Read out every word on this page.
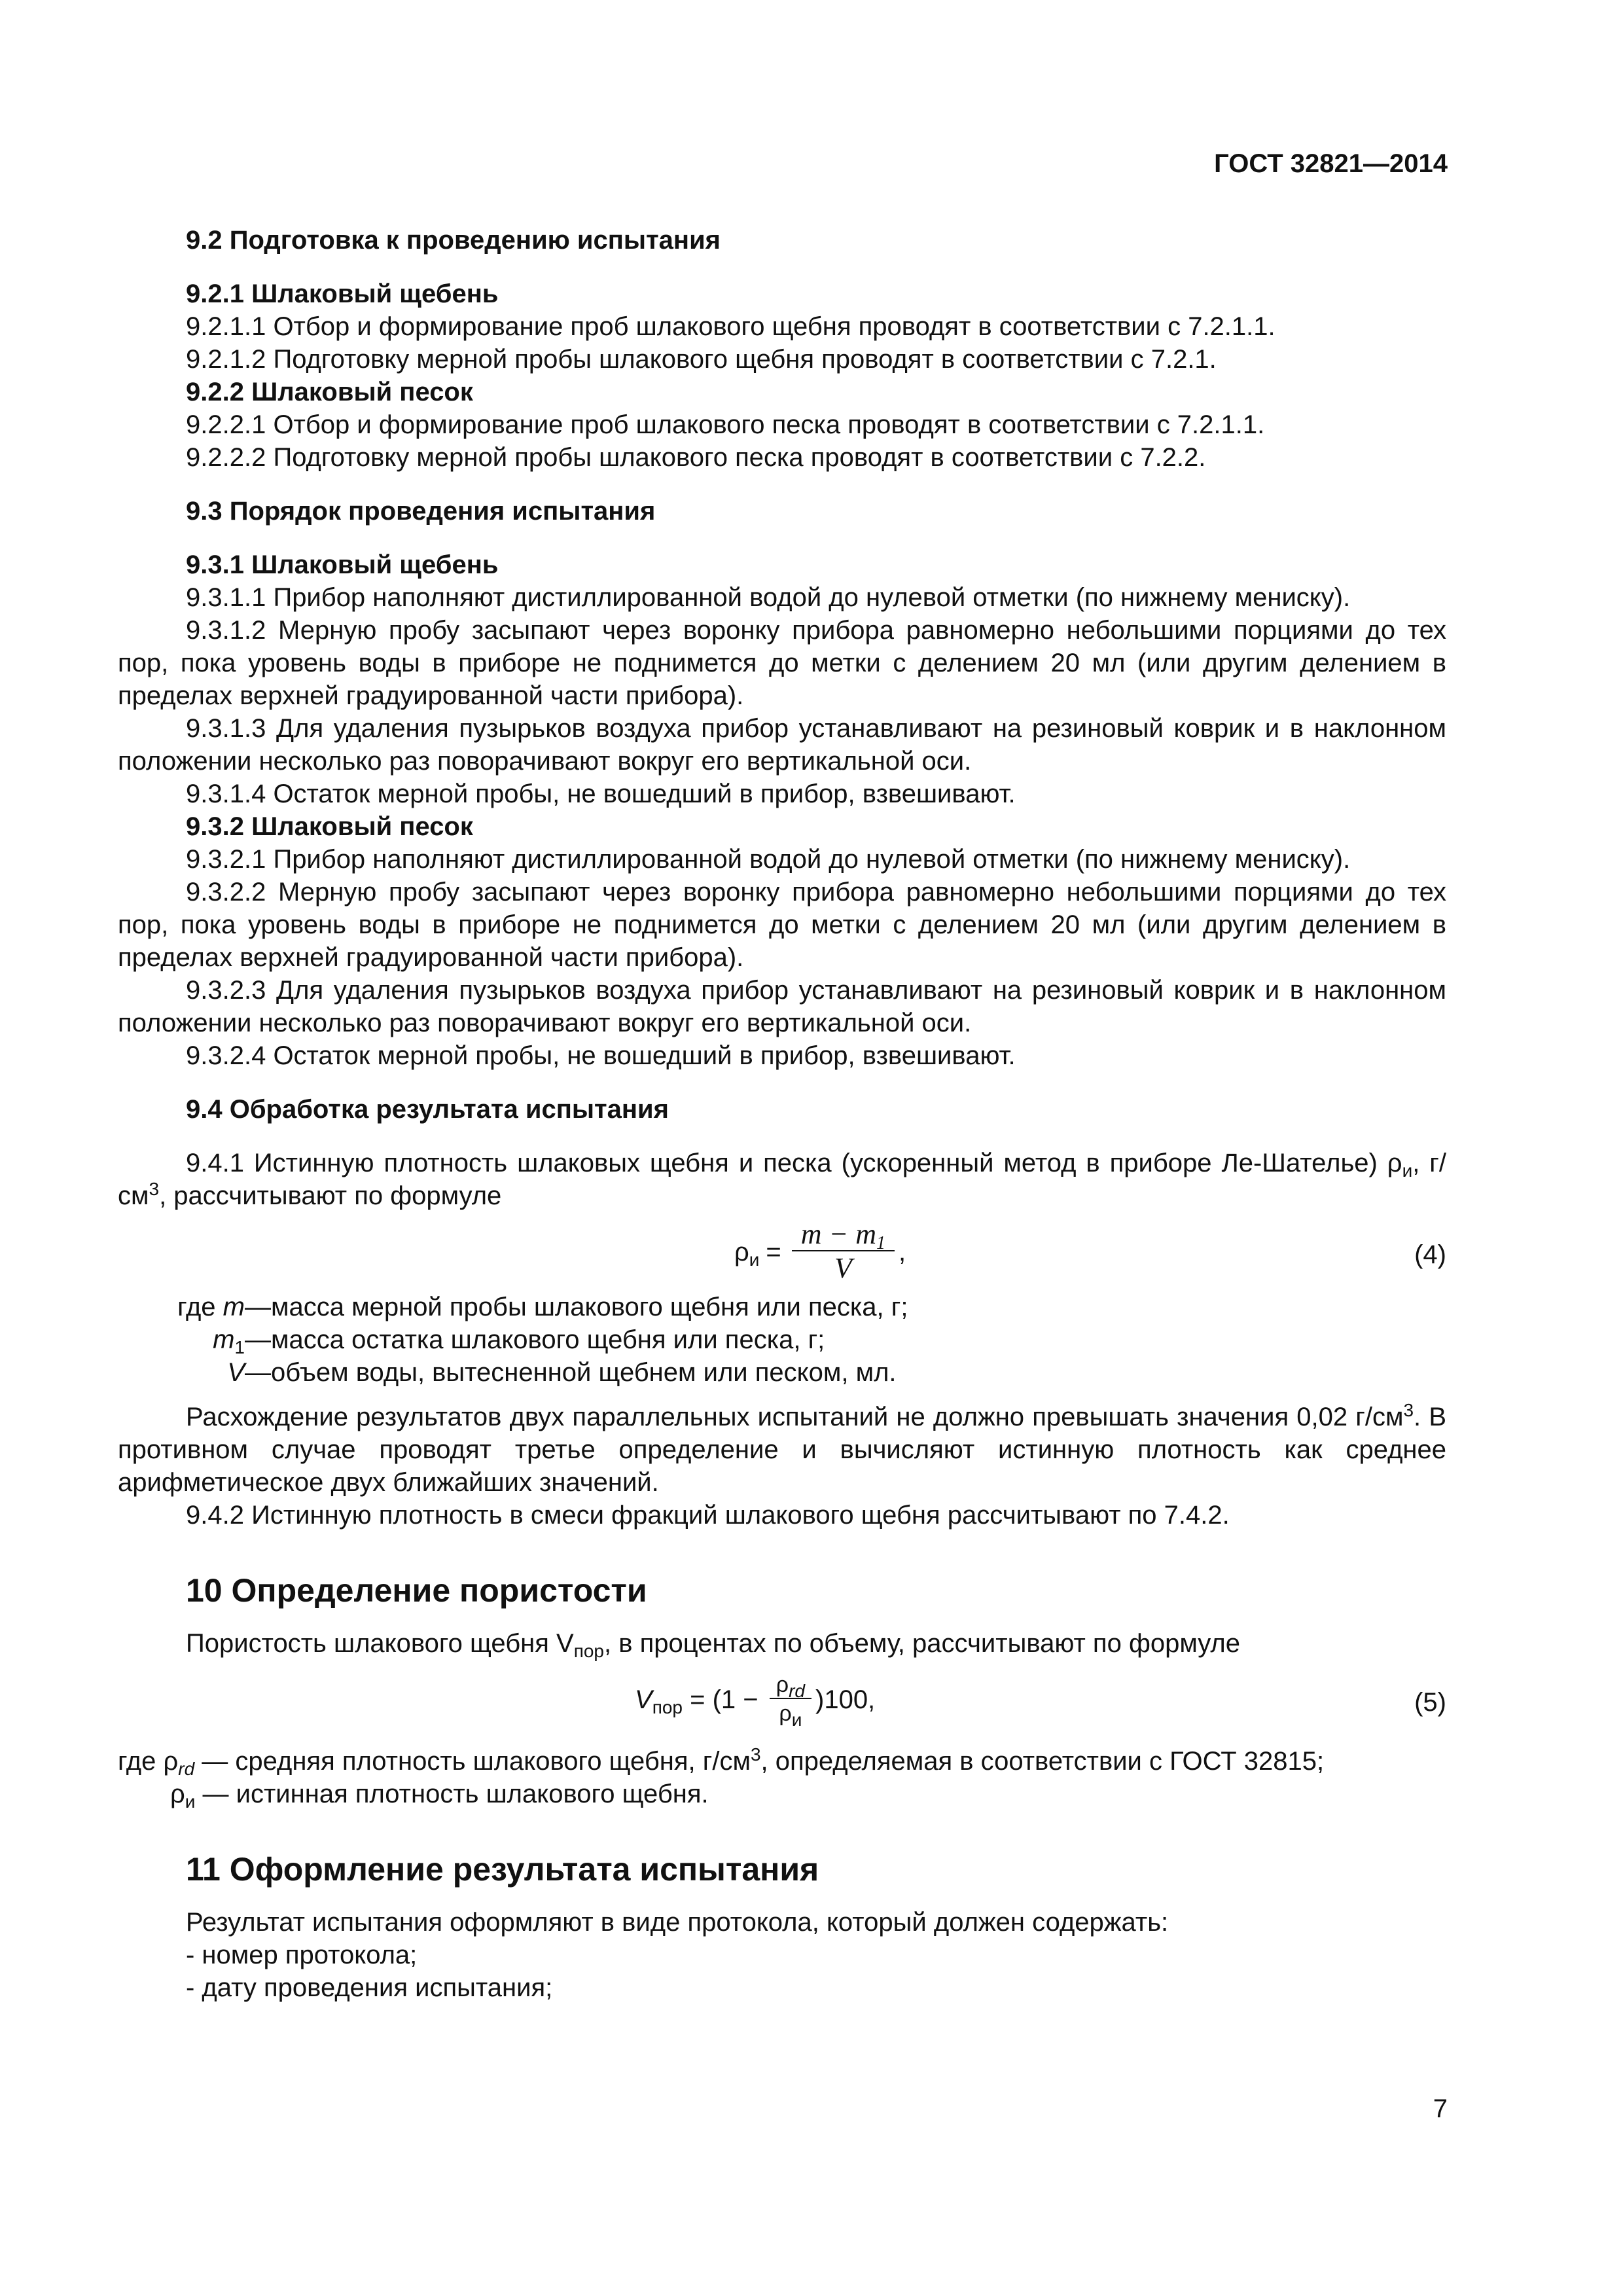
ГОСТ 32821—2014

9.2 Подготовка к проведению испытания

9.2.1 Шлаковый щебень

9.2.1.1 Отбор и формирование проб шлакового щебня проводят в соответствии с 7.2.1.1.

9.2.1.2 Подготовку мерной пробы шлакового щебня проводят в соответствии с 7.2.1.

9.2.2 Шлаковый песок

9.2.2.1 Отбор и формирование проб шлакового песка проводят в соответствии с 7.2.1.1.

9.2.2.2 Подготовку мерной пробы шлакового песка проводят в соответствии с 7.2.2.

9.3 Порядок проведения испытания

9.3.1 Шлаковый щебень

9.3.1.1 Прибор наполняют дистиллированной водой до нулевой отметки (по нижнему мениску).

9.3.1.2 Мерную пробу засыпают через воронку прибора равномерно небольшими порциями до тех пор, пока уровень воды в приборе не поднимется до метки с делением 20 мл (или другим делением в пределах верхней градуированной части прибора).

9.3.1.3 Для удаления пузырьков воздуха прибор устанавливают на резиновый коврик и в наклонном положении несколько раз поворачивают вокруг его вертикальной оси.

9.3.1.4 Остаток мерной пробы, не вошедший в прибор, взвешивают.

9.3.2 Шлаковый песок

9.3.2.1 Прибор наполняют дистиллированной водой до нулевой отметки (по нижнему мениску).

9.3.2.2 Мерную пробу засыпают через воронку прибора равномерно небольшими порциями до тех пор, пока уровень воды в приборе не поднимется до метки с делением 20 мл (или другим делением в пределах верхней градуированной части прибора).

9.3.2.3 Для удаления пузырьков воздуха прибор устанавливают на резиновый коврик и в наклонном положении несколько раз поворачивают вокруг его вертикальной оси.

9.3.2.4 Остаток мерной пробы, не вошедший в прибор, взвешивают.

9.4 Обработка результата испытания

9.4.1 Истинную плотность шлаковых щебня и песка (ускоренный метод в приборе Ле-Шателье) $\rho_и$, $г/см^3$, рассчитывают по формуле

$\rho_и = \frac{m - m_1}{V}$ ,	(4)
где m —масса мерной пробы шлакового щебня или песка, г;
$m_1$ —масса остатка шлакового щебня или песка, г;
V —объем воды, вытесненной щебнем или песком, мл.

Расхождение результатов двух параллельных испытаний не должно превышать значения 0,02 $г/см^3$. В противном случае проводят третье определение и вычисляют истинную плотность как среднее арифметическое двух ближайших значений.

9.4.2 Истинную плотность в смеси фракций шлакового щебня рассчитывают по 7.4.2.

10 Определение пористости

Пористость шлакового щебня $V_{пор}$, в процентах по объему, рассчитывают по формуле

$V_{пор} = (1 - \frac{\rho_{rd}}{\rho_и} )100$,	(5)

где $\rho_{rd}$ — средняя плотность шлакового щебня, $г/см^3$, определяемая в соответствии с ГОСТ 32815;

$\rho_и$ — истинная плотность шлакового щебня.

11 Оформление результата испытания

Результат испытания оформляют в виде протокола, который должен содержать:

- номер протокола;

- дату проведения испытания;

7
